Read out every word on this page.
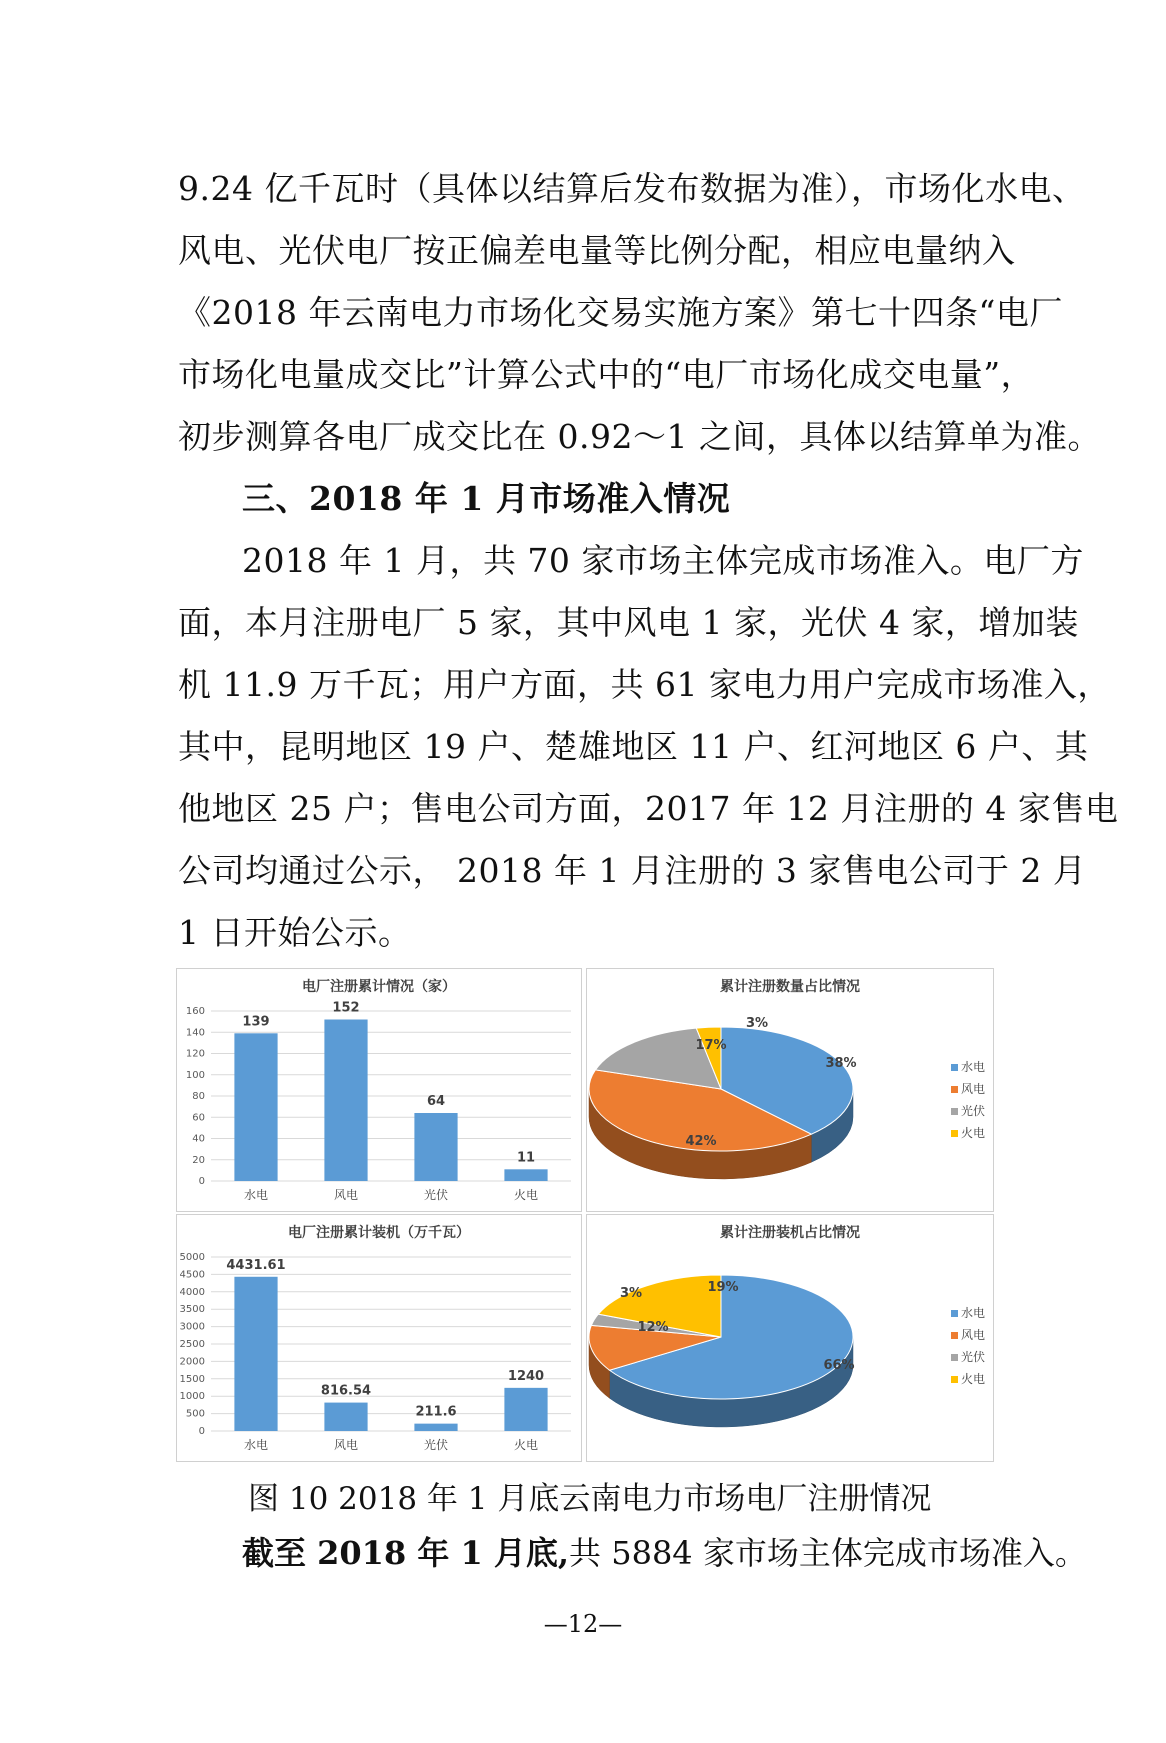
9.24 亿千瓦时（具体以结算后发布数据为准），市场化水电、
风电、光伏电厂按正偏差电量等比例分配，相应电量纳入
《2018 年云南电力市场化交易实施方案》第七十四条“电厂
市场化电量成交比”计算公式中的“电厂市场化成交电量”，
初步测算各电厂成交比在 0.92～1 之间，具体以结算单为准。
三、2018 年 1 月市场准入情况
2018 年 1 月，共 70 家市场主体完成市场准入。电厂方
面，本月注册电厂 5 家，其中风电 1 家，光伏 4 家，增加装
机 11.9 万千瓦；用户方面，共 61 家电力用户完成市场准入，
其中，昆明地区 19 户、楚雄地区 11 户、红河地区 6 户、其
他地区 25 户；售电公司方面，2017 年 12 月注册的 4 家售电
公司均通过公示， 2018 年 1 月注册的 3 家售电公司于 2 月
1 日开始公示。
电厂注册累计情况（家）
0
20
40
60
80
100
120
140
160
139
水电
152
风电
64
光伏
11
火电
累计注册数量占比情况
38%
42%
17%
3%
水电
风电
光伏
火电
电厂注册累计装机（万千瓦）
0
500
1000
1500
2000
2500
3000
3500
4000
4500
5000
4431.61
水电
816.54
风电
211.6
光伏
1240
火电
累计注册装机占比情况
66%
12%
3%	19%
水电
风电
光伏
火电
图 10 2018 年 1 月底云南电力市场电厂注册情况
截至 2018 年 1 月底,共 5884 家市场主体完成市场准入。
—12—
